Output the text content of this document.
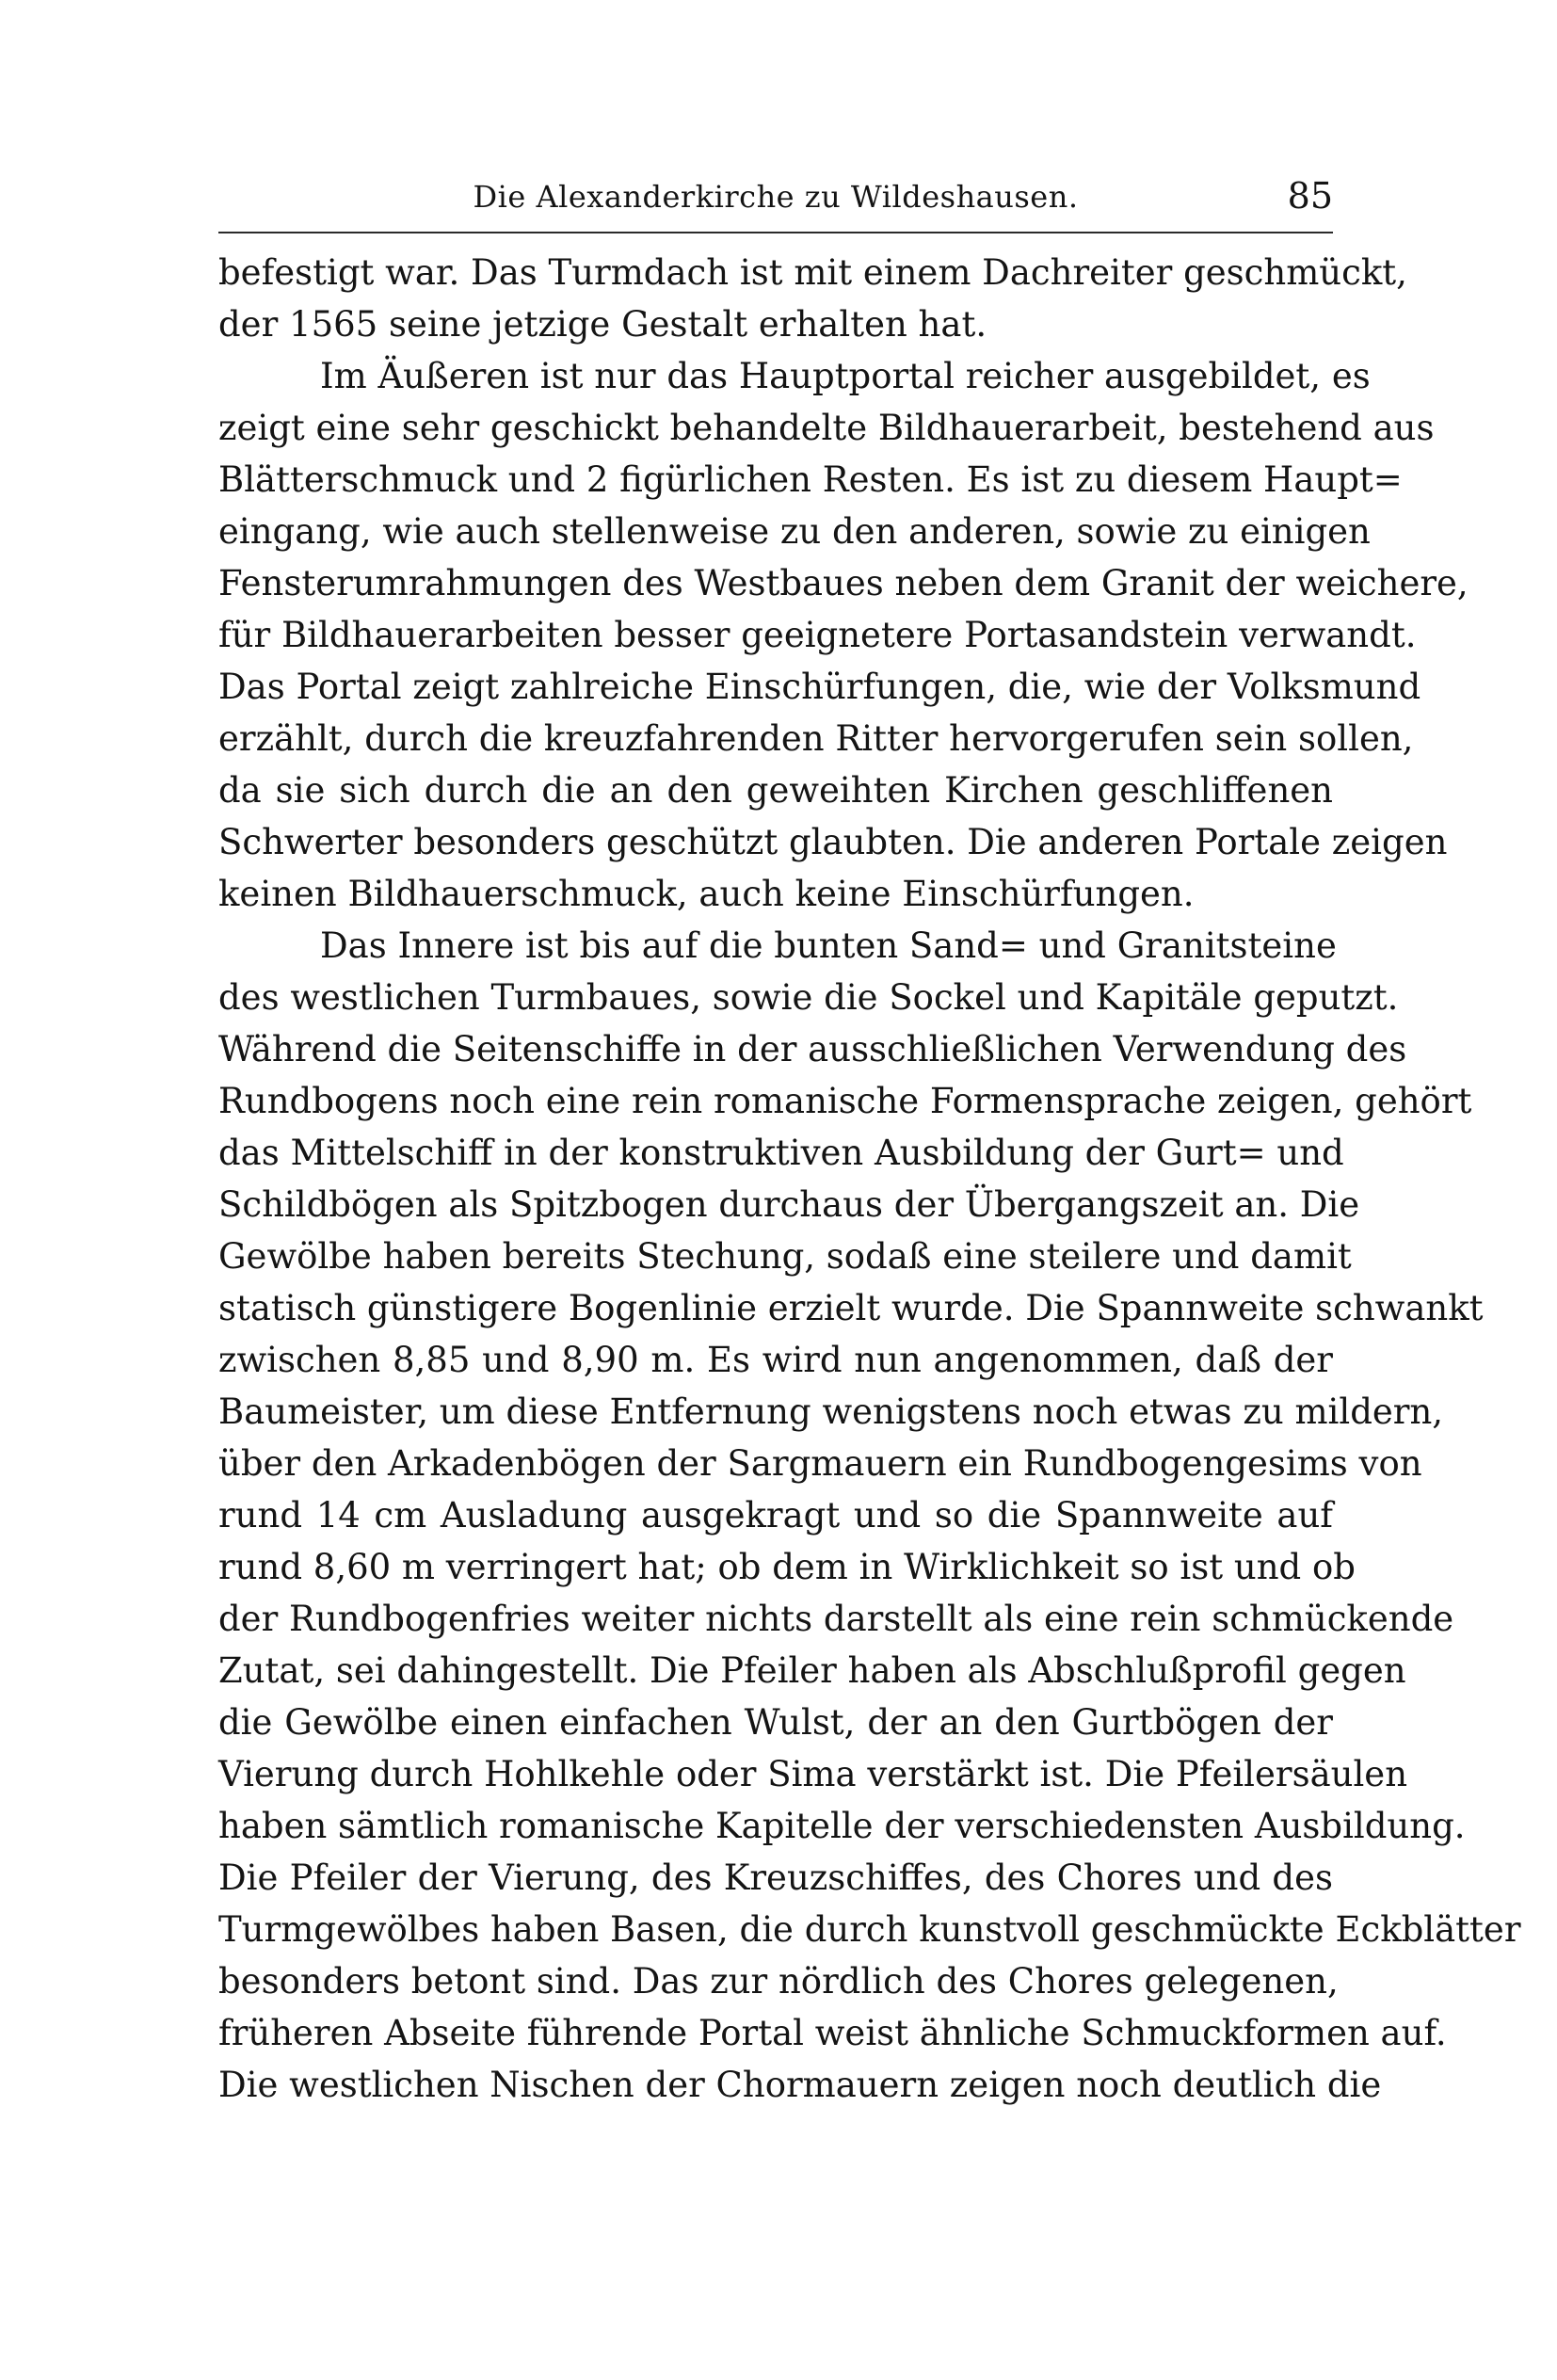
Die Alexanderkirche zu Wildeshausen.	85
befestigt war. Das Turmdach ist mit einem Dachreiter geschmückt,
der 1565 seine jetzige Gestalt erhalten hat.
Im Äußeren ist nur das Hauptportal reicher ausgebildet, es
zeigt eine sehr geschickt behandelte Bildhauerarbeit, bestehend aus
Blätterschmuck und 2 figürlichen Resten. Es ist zu diesem Haupt=
eingang, wie auch stellenweise zu den anderen, sowie zu einigen
Fensterumrahmungen des Westbaues neben dem Granit der weichere,
für Bildhauerarbeiten besser geeignetere Portasandstein verwandt.
Das Portal zeigt zahlreiche Einschürfungen, die, wie der Volksmund
erzählt, durch die kreuzfahrenden Ritter hervorgerufen sein sollen,
da sie sich durch die an den geweihten Kirchen geschliffenen
Schwerter besonders geschützt glaubten. Die anderen Portale zeigen
keinen Bildhauerschmuck, auch keine Einschürfungen.
Das Innere ist bis auf die bunten Sand= und Granitsteine
des westlichen Turmbaues, sowie die Sockel und Kapitäle geputzt.
Während die Seitenschiffe in der ausschließlichen Verwendung des
Rundbogens noch eine rein romanische Formensprache zeigen, gehört
das Mittelschiff in der konstruktiven Ausbildung der Gurt= und
Schildbögen als Spitzbogen durchaus der Übergangszeit an. Die
Gewölbe haben bereits Stechung, sodaß eine steilere und damit
statisch günstigere Bogenlinie erzielt wurde. Die Spannweite schwankt
zwischen 8,85 und 8,90 m. Es wird nun angenommen, daß der
Baumeister, um diese Entfernung wenigstens noch etwas zu mildern,
über den Arkadenbögen der Sargmauern ein Rundbogengesims von
rund 14 cm Ausladung ausgekragt und so die Spannweite auf
rund 8,60 m verringert hat; ob dem in Wirklichkeit so ist und ob
der Rundbogenfries weiter nichts darstellt als eine rein schmückende
Zutat, sei dahingestellt. Die Pfeiler haben als Abschlußprofil gegen
die Gewölbe einen einfachen Wulst, der an den Gurtbögen der
Vierung durch Hohlkehle oder Sima verstärkt ist. Die Pfeilersäulen
haben sämtlich romanische Kapitelle der verschiedensten Ausbildung.
Die Pfeiler der Vierung, des Kreuzschiffes, des Chores und des
Turmgewölbes haben Basen, die durch kunstvoll geschmückte Eckblätter
besonders betont sind. Das zur nördlich des Chores gelegenen,
früheren Abseite führende Portal weist ähnliche Schmuckformen auf.
Die westlichen Nischen der Chormauern zeigen noch deutlich die
